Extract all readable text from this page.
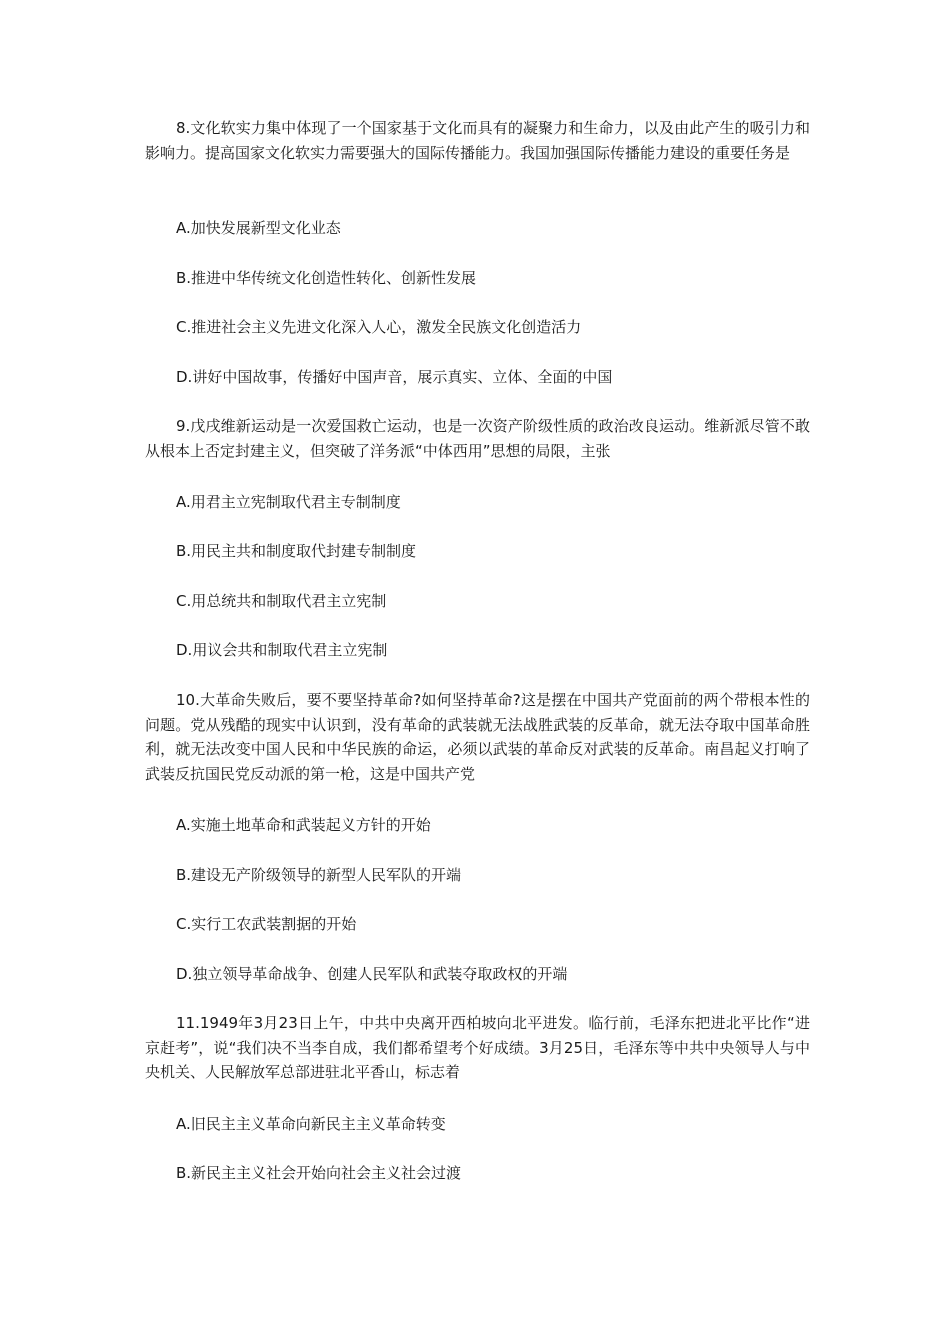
8.文化软实力集中体现了一个国家基于文化而具有的凝聚力和生命力，以及由此产生的吸引力和影响力。提高国家文化软实力需要强大的国际传播能力。我国加强国际传播能力建设的重要任务是

A.加快发展新型文化业态

B.推进中华传统文化创造性转化、创新性发展

C.推进社会主义先进文化深入人心，激发全民族文化创造活力

D.讲好中国故事，传播好中国声音，展示真实、立体、全面的中国

9.戊戌维新运动是一次爱国救亡运动，也是一次资产阶级性质的政治改良运动。维新派尽管不敢从根本上否定封建主义，但突破了洋务派“中体西用”思想的局限，主张

A.用君主立宪制取代君主专制制度

B.用民主共和制度取代封建专制制度

C.用总统共和制取代君主立宪制

D.用议会共和制取代君主立宪制

10.大革命失败后，要不要坚持革命?如何坚持革命?这是摆在中国共产党面前的两个带根本性的问题。党从残酷的现实中认识到，没有革命的武装就无法战胜武装的反革命，就无法夺取中国革命胜利，就无法改变中国人民和中华民族的命运，必须以武装的革命反对武装的反革命。南昌起义打响了武装反抗国民党反动派的第一枪，这是中国共产党

A.实施土地革命和武装起义方针的开始

B.建设无产阶级领导的新型人民军队的开端

C.实行工农武装割据的开始

D.独立领导革命战争、创建人民军队和武装夺取政权的开端

11.1949年3月23日上午，中共中央离开西柏坡向北平进发。临行前，毛泽东把进北平比作“进京赶考”，说“我们决不当李自成，我们都希望考个好成绩。3月25日，毛泽东等中共中央领导人与中央机关、人民解放军总部进驻北平香山，标志着

A.旧民主主义革命向新民主主义革命转变

B.新民主主义社会开始向社会主义社会过渡
